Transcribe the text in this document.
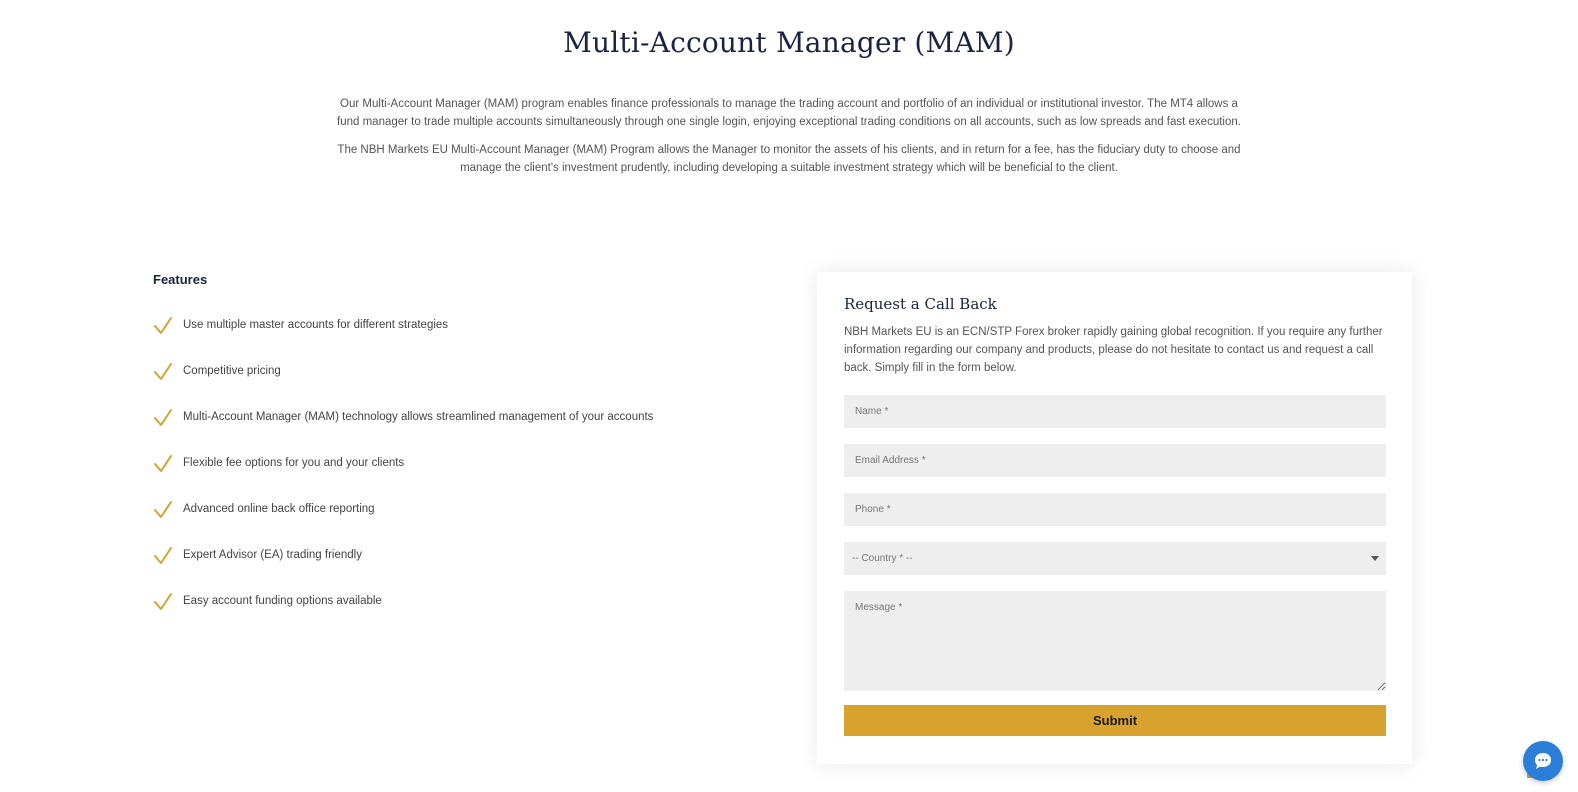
Multi-Account Manager (MAM)

Our Multi-Account Manager (MAM) program enables finance professionals to manage the trading account and portfolio of an individual or institutional investor. The MT4 allows a fund manager to trade multiple accounts simultaneously through one single login, enjoying exceptional trading conditions on all accounts, such as low spreads and fast execution.

The NBH Markets EU Multi-Account Manager (MAM) Program allows the Manager to monitor the assets of his clients, and in return for a fee, has the fiduciary duty to choose and manage the client's investment prudently, including developing a suitable investment strategy which will be beneficial to the client.

Features
Use multiple master accounts for different strategies
Competitive pricing
Multi-Account Manager (MAM) technology allows streamlined management of your accounts
Flexible fee options for you and your clients
Advanced online back office reporting
Expert Advisor (EA) trading friendly
Easy account funding options available
Request a Call Back

NBH Markets EU is an ECN/STP Forex broker rapidly gaining global recognition. If you require any further information regarding our company and products, please do not hesitate to contact us and request a call back. Simply fill in the form below.

Name *
Email Address *
Phone *
-- Country * --
Message *
Submit
